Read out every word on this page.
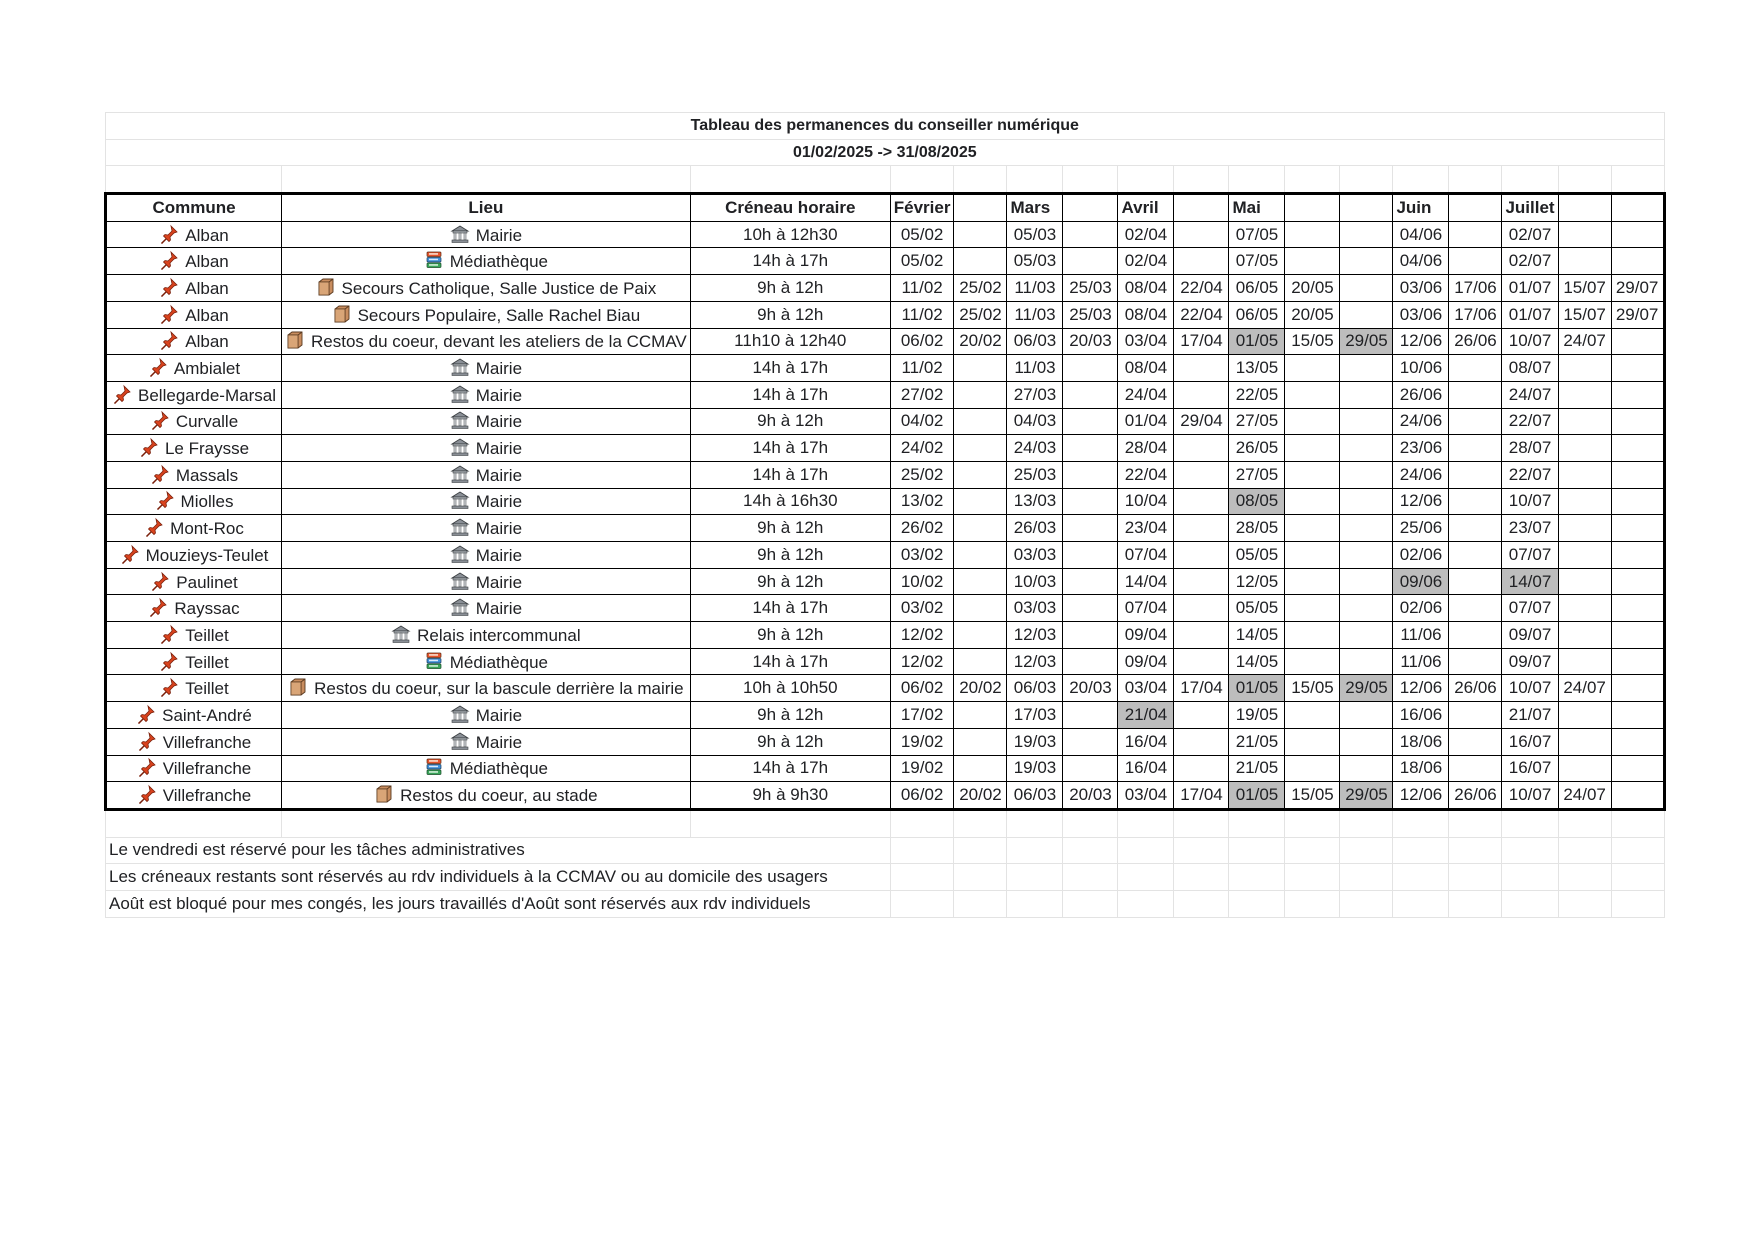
Tableau des permanences du conseiller numérique																
01/02/2025 -> 31/08/2025																

Commune	Lieu	Créneau horaire	Février		Mars		Avril		Mai			Juin		Juillet		
Alban	Mairie	10h à 12h30	05/02		05/03		02/04		07/05			04/06		02/07		
Alban	Médiathèque	14h à 17h	05/02		05/03		02/04		07/05			04/06		02/07		
Alban	Secours Catholique, Salle Justice de Paix	9h à 12h	11/02	25/02	11/03	25/03	08/04	22/04	06/05	20/05		03/06	17/06	01/07	15/07	29/07
Alban	Secours Populaire, Salle Rachel Biau	9h à 12h	11/02	25/02	11/03	25/03	08/04	22/04	06/05	20/05		03/06	17/06	01/07	15/07	29/07
Alban	Restos du coeur, devant les ateliers de la CCMAV	11h10 à 12h40	06/02	20/02	06/03	20/03	03/04	17/04	01/05	15/05	29/05	12/06	26/06	10/07	24/07	
Ambialet	Mairie	14h à 17h	11/02		11/03		08/04		13/05			10/06		08/07		
Bellegarde-Marsal	Mairie	14h à 17h	27/02		27/03		24/04		22/05			26/06		24/07		
Curvalle	Mairie	9h à 12h	04/02		04/03		01/04	29/04	27/05			24/06		22/07		
Le Fraysse	Mairie	14h à 17h	24/02		24/03		28/04		26/05			23/06		28/07		
Massals	Mairie	14h à 17h	25/02		25/03		22/04		27/05			24/06		22/07		
Miolles	Mairie	14h à 16h30	13/02		13/03		10/04		08/05			12/06		10/07		
Mont-Roc	Mairie	9h à 12h	26/02		26/03		23/04		28/05			25/06		23/07		
Mouzieys-Teulet	Mairie	9h à 12h	03/02		03/03		07/04		05/05			02/06		07/07		
Paulinet	Mairie	9h à 12h	10/02		10/03		14/04		12/05			09/06		14/07		
Rayssac	Mairie	14h à 17h	03/02		03/03		07/04		05/05			02/06		07/07		
Teillet	Relais intercommunal	9h à 12h	12/02		12/03		09/04		14/05			11/06		09/07		
Teillet	Médiathèque	14h à 17h	12/02		12/03		09/04		14/05			11/06		09/07		
Teillet	Restos du coeur, sur la bascule derrière la mairie	10h à 10h50	06/02	20/02	06/03	20/03	03/04	17/04	01/05	15/05	29/05	12/06	26/06	10/07	24/07	
Saint-André	Mairie	9h à 12h	17/02		17/03		21/04		19/05			16/06		21/07		
Villefranche	Mairie	9h à 12h	19/02		19/03		16/04		21/05			18/06		16/07		
Villefranche	Médiathèque	14h à 17h	19/02		19/03		16/04		21/05			18/06		16/07		
Villefranche	Restos du coeur, au stade	9h à 9h30	06/02	20/02	06/03	20/03	03/04	17/04	01/05	15/05	29/05	12/06	26/06	10/07	24/07	

Le vendredi est réservé pour les tâches administratives																
Les créneaux restants sont réservés au rdv individuels à la CCMAV ou au domicile des usagers																
Août est bloqué pour mes congés, les jours travaillés d'Août sont réservés aux rdv individuels																
